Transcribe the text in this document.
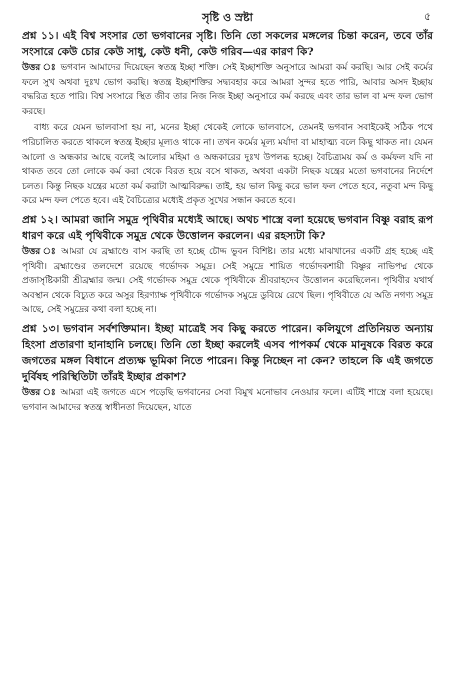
সৃষ্টি ও স্রষ্টা	৫

প্রশ্ন ১১। এই বিশ্ব সংসার তো ভগবানের সৃষ্টি। তিনি তো সকলের মঙ্গলের চিন্তা করেন, তবে তাঁর সংসারে কেউ চোর কেউ সাধু, কেউ ধনী, কেউ গরিব—এর কারণ কি?

উত্তর ঃ ভগবান আমাদের দিয়েছেন স্বতন্ত্র ইচ্ছা শক্তি। সেই ইচ্ছাশক্তি অনুসারে আমরা কর্ম করছি। আর সেই কর্মের ফলে সুখ অথবা দুঃখ ভোগ করছি। স্বতন্ত্র ইচ্ছাশক্তির সদ্ব্যবহার করে আমরা সুন্দর হতে পারি, আবার অসদ ইচ্ছায় বদ্ধরিত্র হতে পারি। বিশ্ব সংসারে স্থিত জীব তার নিজ নিজ ইচ্ছা অনুসারে কর্ম করছে এবং তার ভাল বা মন্দ ফল ভোগ করছে।

বাধ্য করে যেমন ভালবাসা হয় না, মনের ইচ্ছা থেকেই লোকে ভালবাসে, তেমনই ভগবান সবাইকেই সঠিক পথে পরিচালিত করতে থাকলে স্বতন্ত্র ইচ্ছার মূল্যও থাকে না। তখন কর্মের মূল্য মর্যাদা বা মাহাত্ম্য বলে কিছু থাকত না। যেমন আলো ও অন্ধকার আছে বলেই আলোর মহিমা ও অন্ধকারের দুঃখ উপলব্ধ হচ্ছে। বৈচিত্র্যময় কর্ম ও কর্মফল যদি না থাকত তবে তো লোকে কর্ম করা থেকে বিরত হয়ে বসে থাকত, অথবা একটা নিছক যন্ত্রের মতো ভগবানের নির্দেশে চলত। কিন্তু নিছক যন্ত্রের মতো কর্ম করাটা আত্মবিরুদ্ধ। তাই, হয় ভাল কিছু করে ভাল ফল পেতে হবে, নতুবা মন্দ কিছু করে মন্দ ফল পেতে হবে। এই বৈচিত্র্যের মধ্যেই প্রকৃত সুখের সন্ধান করতে হবে।

প্রশ্ন ১২। আমরা জানি সমুদ্র পৃথিবীর মধ্যেই আছে। অথচ শাস্ত্রে বলা হয়েছে ভগবান বিষ্ণু বরাহ রূপ ধারণ করে এই পৃথিবীকে সমুদ্র থেকে উত্তোলন করলেন। এর রহস্যটা কি?

উত্তর ঃ আমরা যে ব্রহ্মাণ্ডে বাস করছি তা হচ্ছে চৌদ্দ ভুবন বিশিষ্ট। তার মধ্যে মাঝখানের একটি গ্রহ হচ্ছে এই পৃথিবী। ব্রহ্মাণ্ডের তলদেশে রয়েছে গর্ভোদক সমুদ্র। সেই সমুদ্রে শায়িত গর্ভোদকশায়ী বিষ্ণুর নাভিপদ্ম থেকে প্রজাসৃষ্টিকারী শ্রীব্রহ্মার জন্ম। সেই গর্ভোদক সমুদ্র থেকে পৃথিবীকে শ্রীবরাহদেব উত্তোলন করেছিলেন। পৃথিবীর যথার্থ অবস্থান থেকে বিচ্যুত করে অসুর হিরণ্যাক্ষ পৃথিবীকে গর্ভোদক সমুদ্রে ডুবিয়ে রেখে ছিল। পৃথিবীতে যে অতি নগণ্য সমুদ্র আছে, সেই সমুদ্রের কথা বলা হচ্ছে না।

প্রশ্ন ১৩। ভগবান সর্বশক্তিমান। ইচ্ছা মাত্রেই সব কিছু করতে পারেন। কলিযুগে প্রতিনিয়ত অন্যায় হিংসা প্রতারণা হানাহানি চলছে। তিনি তো ইচ্ছা করলেই এসব পাপকর্ম থেকে মানুষকে বিরত করে জগতের মঙ্গল বিধানে প্রত্যক্ষ ভূমিকা নিতে পারেন। কিন্তু নিচ্ছেন না কেন? তাহলে কি এই জগতে দুর্বিষহ পরিস্থিতিটা তাঁরই ইচ্ছার প্রকাশ?

উত্তর ঃ আমরা এই জগতে এসে পড়েছি ভগবানের সেবা বিমুখ মনোভাব নেওয়ার ফলে। এটিই শাস্ত্রে বলা হয়েছে। ভগবান আমাদের স্বতন্ত্র স্বাধীনতা দিয়েছেন, যাতে
